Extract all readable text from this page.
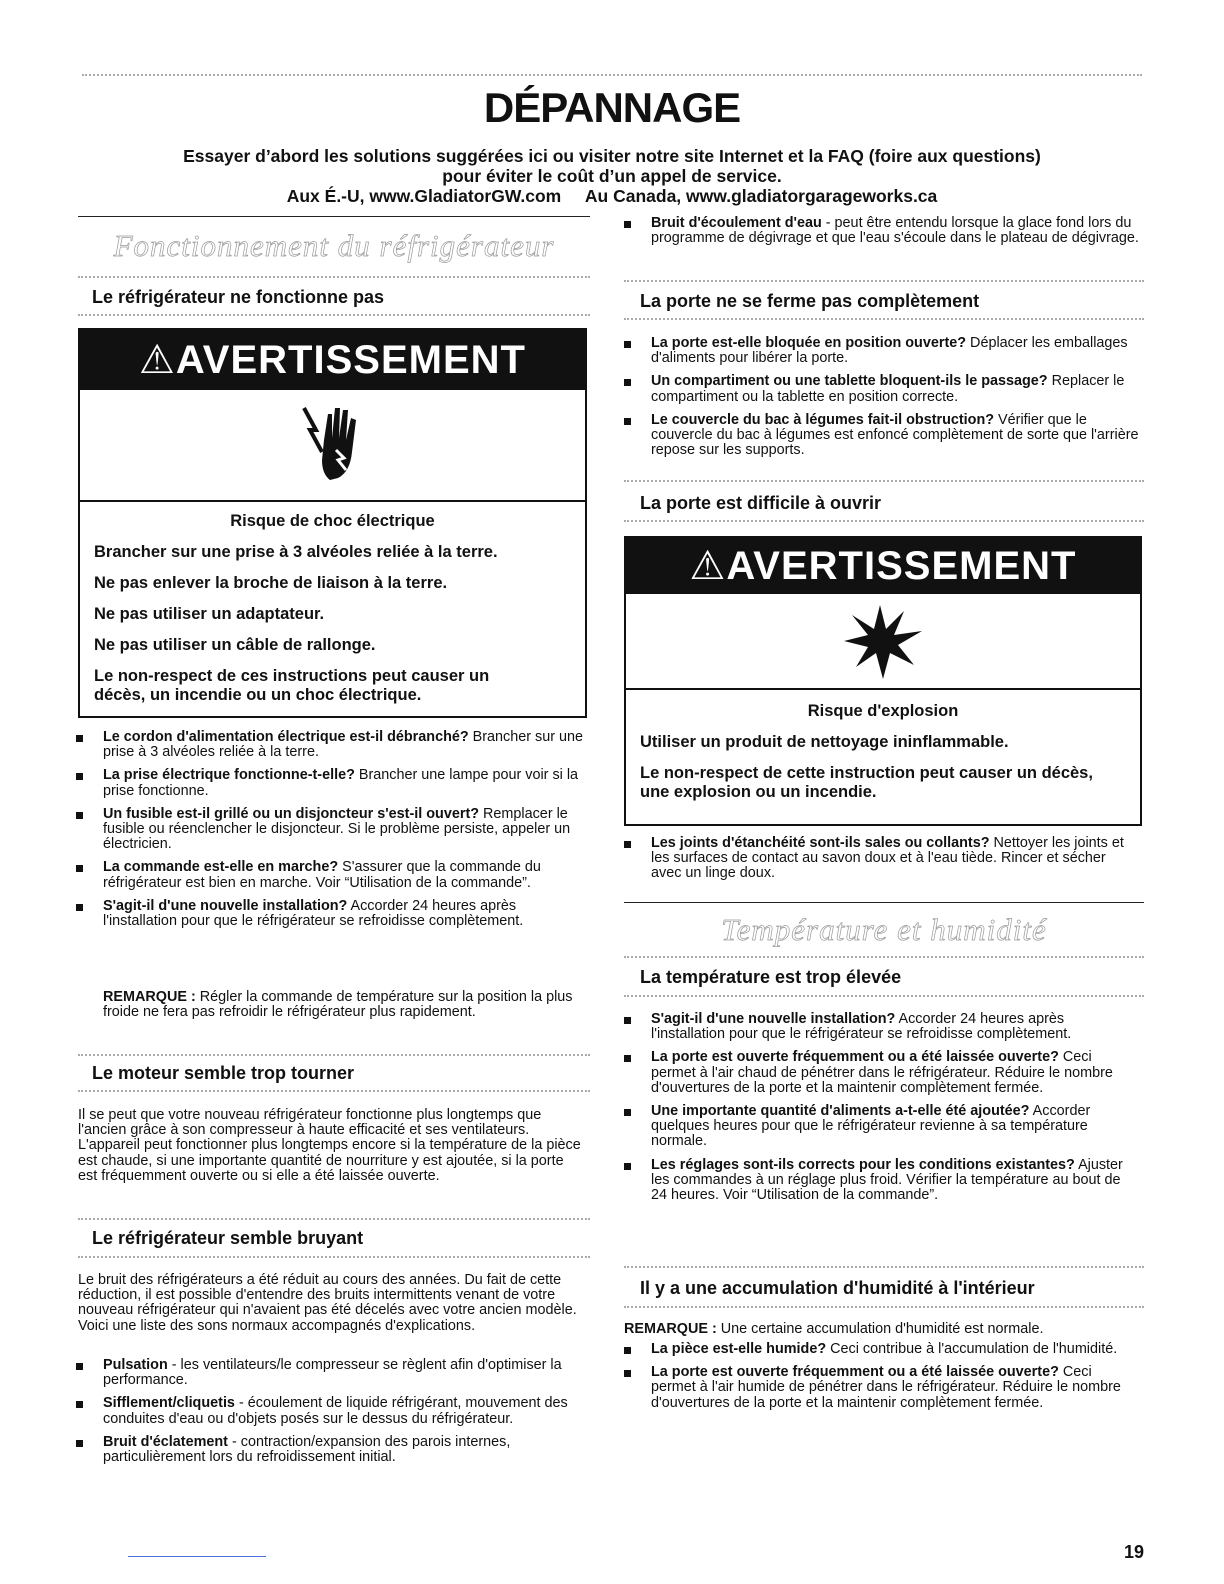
DÉPANNAGE
Essayer d’abord les solutions suggérées ici ou visiter notre site Internet et la FAQ (foire aux questions)
pour éviter le coût d’un appel de service.
Aux É.-U, www.GladiatorGW.com     Au Canada, www.gladiatorgarageworks.ca
Fonctionnement du réfrigérateur
Le réfrigérateur ne fonctionne pas
⚠AVERTISSEMENT

Risque de choc électrique

Brancher sur une prise à 3 alvéoles reliée à la terre.

Ne pas enlever la broche de liaison à la terre.

Ne pas utiliser un adaptateur.

Ne pas utiliser un câble de rallonge.

Le non-respect de ces instructions peut causer un décès, un incendie ou un choc électrique.

Le cordon d'alimentation électrique est-il débranché? Brancher sur une prise à 3 alvéoles reliée à la terre.
La prise électrique fonctionne-t-elle? Brancher une lampe pour voir si la prise fonctionne.
Un fusible est-il grillé ou un disjoncteur s'est-il ouvert? Remplacer le fusible ou réenclencher le disjoncteur. Si le problème persiste, appeler un électricien.
La commande est-elle en marche? S'assurer que la commande du réfrigérateur est bien en marche. Voir “Utilisation de la commande”.
S'agit-il d'une nouvelle installation? Accorder 24 heures après l'installation pour que le réfrigérateur se refroidisse complètement.
REMARQUE : Régler la commande de température sur la position la plus froide ne fera pas refroidir le réfrigérateur plus rapidement.
Le moteur semble trop tourner
Il se peut que votre nouveau réfrigérateur fonctionne plus longtemps que l'ancien grâce à son compresseur à haute efficacité et ses ventilateurs. L'appareil peut fonctionner plus longtemps encore si la température de la pièce est chaude, si une importante quantité de nourriture y est ajoutée, si la porte est fréquemment ouverte ou si elle a été laissée ouverte.
Le réfrigérateur semble bruyant
Le bruit des réfrigérateurs a été réduit au cours des années. Du fait de cette réduction, il est possible d'entendre des bruits intermittents venant de votre nouveau réfrigérateur qui n'avaient pas été décelés avec votre ancien modèle. Voici une liste des sons normaux accompagnés d'explications.
Pulsation - les ventilateurs/le compresseur se règlent afin d'optimiser la performance.
Sifflement/cliquetis - écoulement de liquide réfrigérant, mouvement des conduites d'eau ou d'objets posés sur le dessus du réfrigérateur.
Bruit d'éclatement - contraction/expansion des parois internes, particulièrement lors du refroidissement initial.
Bruit d'écoulement d'eau - peut être entendu lorsque la glace fond lors du programme de dégivrage et que l'eau s'écoule dans le plateau de dégivrage.
La porte ne se ferme pas complètement
La porte est-elle bloquée en position ouverte? Déplacer les emballages d'aliments pour libérer la porte.
Un compartiment ou une tablette bloquent-ils le passage? Replacer le compartiment ou la tablette en position correcte.
Le couvercle du bac à légumes fait-il obstruction? Vérifier que le couvercle du bac à légumes est enfoncé complètement de sorte que l'arrière repose sur les supports.
La porte est difficile à ouvrir
⚠AVERTISSEMENT

Risque d'explosion

Utiliser un produit de nettoyage ininflammable.

Le non-respect de cette instruction peut causer un décès, une explosion ou un incendie.

Les joints d'étanchéité sont-ils sales ou collants? Nettoyer les joints et les surfaces de contact au savon doux et à l'eau tiède. Rincer et sécher avec un linge doux.
Température et humidité
La température est trop élevée
S'agit-il d'une nouvelle installation? Accorder 24 heures après l'installation pour que le réfrigérateur se refroidisse complètement.
La porte est ouverte fréquemment ou a été laissée ouverte? Ceci permet à l'air chaud de pénétrer dans le réfrigérateur. Réduire le nombre d'ouvertures de la porte et la maintenir complètement fermée.
Une importante quantité d'aliments a-t-elle été ajoutée? Accorder quelques heures pour que le réfrigérateur revienne à sa température normale.
Les réglages sont-ils corrects pour les conditions existantes? Ajuster les commandes à un réglage plus froid. Vérifier la température au bout de 24 heures. Voir “Utilisation de la commande”.
Il y a une accumulation d'humidité à l'intérieur
REMARQUE : Une certaine accumulation d'humidité est normale.
La pièce est-elle humide? Ceci contribue à l'accumulation de l'humidité.
La porte est ouverte fréquemment ou a été laissée ouverte? Ceci permet à l'air humide de pénétrer dans le réfrigérateur. Réduire le nombre d'ouvertures de la porte et la maintenir complètement fermée.
19
